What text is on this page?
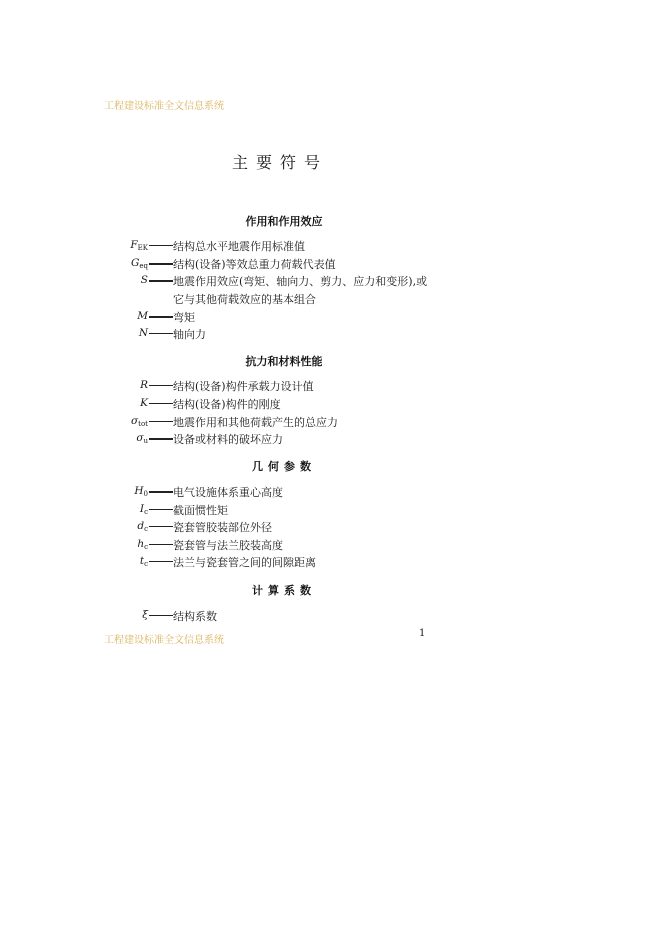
工程建设标准全文信息系统
主要符号
作用和作用效应
$F_{EK}$ 结构总水平地震作用标准值
$G_{eq}$ 结构(设备)等效总重力荷载代表值
S 地震作用效应(弯矩、轴向力、剪力、应力和变形),或
它与其他荷载效应的基本组合
M 弯矩
N 轴向力
抗力和材料性能
R 结构(设备)构件承载力设计值
K 结构(设备)构件的刚度
$\sigma_{tot}$ 地震作用和其他荷载产生的总应力
$\sigma_u$ 设备或材料的破坏应力
几何参数
$H_0$ 电气设施体系重心高度
$I_c$ 截面惯性矩
$d_c$ 瓷套管胶装部位外径
$h_c$ 瓷套管与法兰胶装高度
$t_c$ 法兰与瓷套管之间的间隙距离
计算系数
ξ 结构系数
工程建设标准全文信息系统
1
